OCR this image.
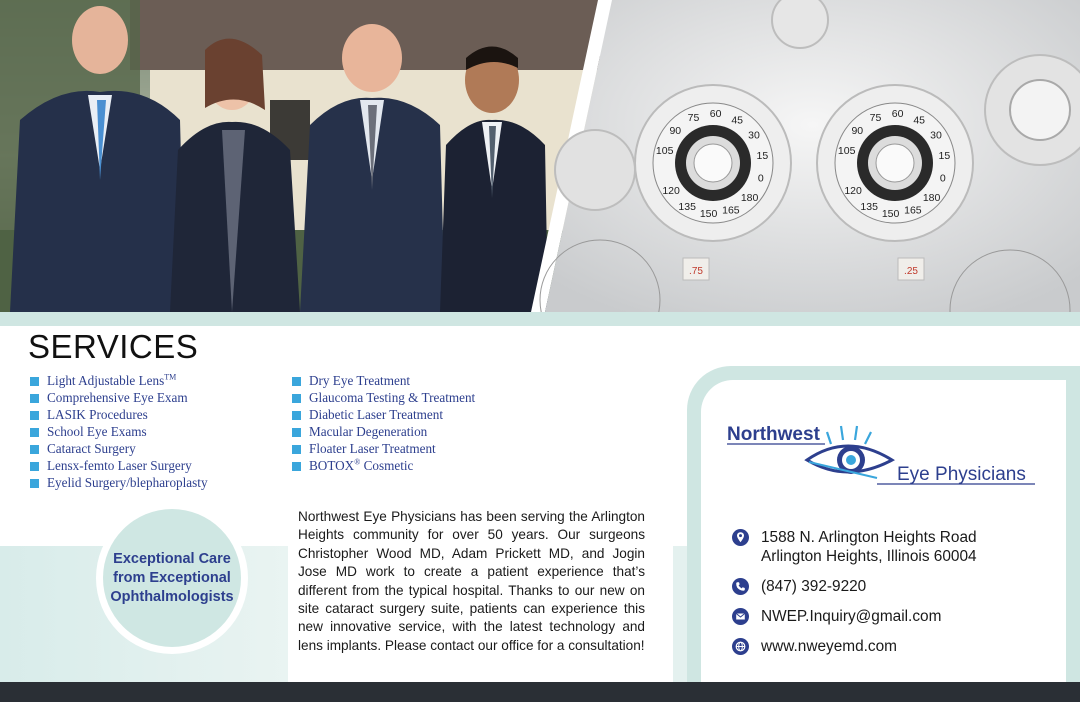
.75	.25
105
90
75 60
45
30
15
0
180
165
150
135
120
105
90
75 60
45
30
15
0
180
165
150
135
120
SERVICES
Light Adjustable Lens™
Comprehensive Eye Exam
LASIK Procedures
School Eye Exams
Cataract Surgery
Lensx-femto Laser Surgery
Eyelid Surgery/blepharoplasty
Dry Eye Treatment
Glaucoma Testing & Treatment
Diabetic Laser Treatment
Macular Degeneration
Floater Laser Treatment
BOTOX® Cosmetic
Northwest Eye Physicians has been serving the Arlington Heights community for over 50 years. Our surgeons Christopher Wood MD, Adam Prickett MD, and Jogin Jose MD work to create a patient experience that’s different from the typical hospital. Thanks to our new on site cataract surgery suite, patients can experience this new innovative service, with the latest technology and lens implants. Please contact our office for a consultation!
Exceptional Care from Exceptional Ophthalmologists
Northwest
Eye Physicians
1588 N. Arlington Heights Road
Arlington Heights, Illinois 60004
(847) 392-9220
NWEP.Inquiry@gmail.com
www.nweyemd.com
